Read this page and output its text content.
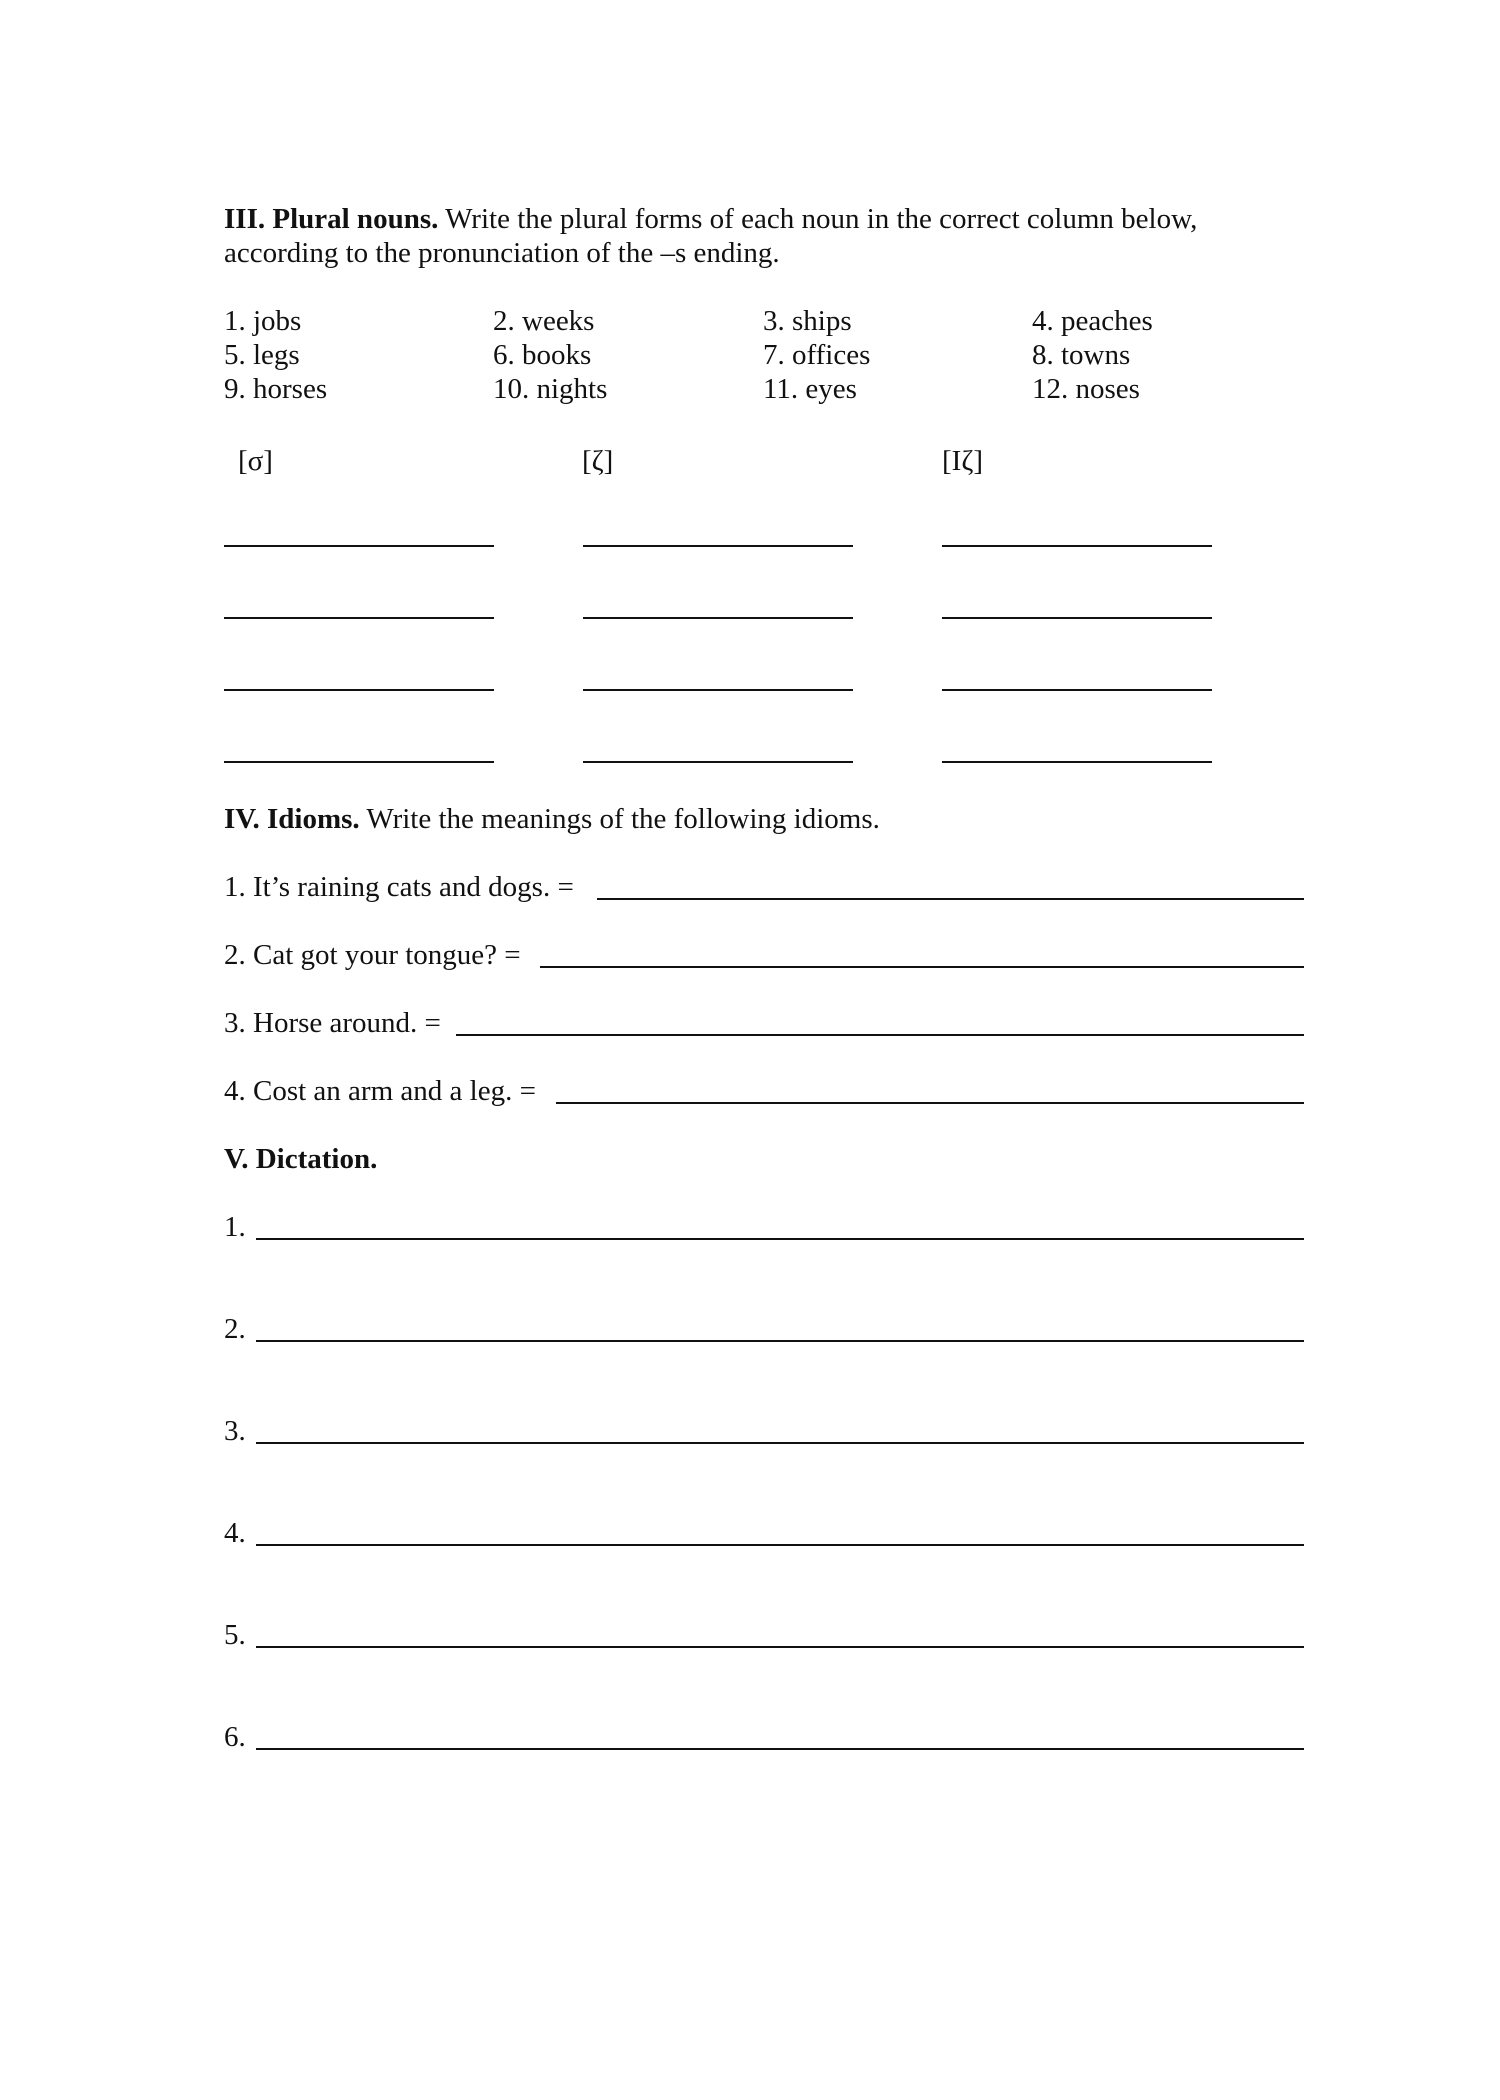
III. Plural nouns. Write the plural forms of each noun in the correct column below,
according to the pronunciation of the –s ending.
1. jobs	2. weeks	3. ships	4. peaches
5. legs	6. books	7. offices	8. towns
9. horses	10. nights	11. eyes	12. noses
[σ]	[ζ]	[Iζ]
IV. Idioms. Write the meanings of the following idioms.
1. It’s raining cats and dogs. =
2. Cat got your tongue? =
3. Horse around. =
4. Cost an arm and a leg. =
V. Dictation.
1.
2.
3.
4.
5.
6.
